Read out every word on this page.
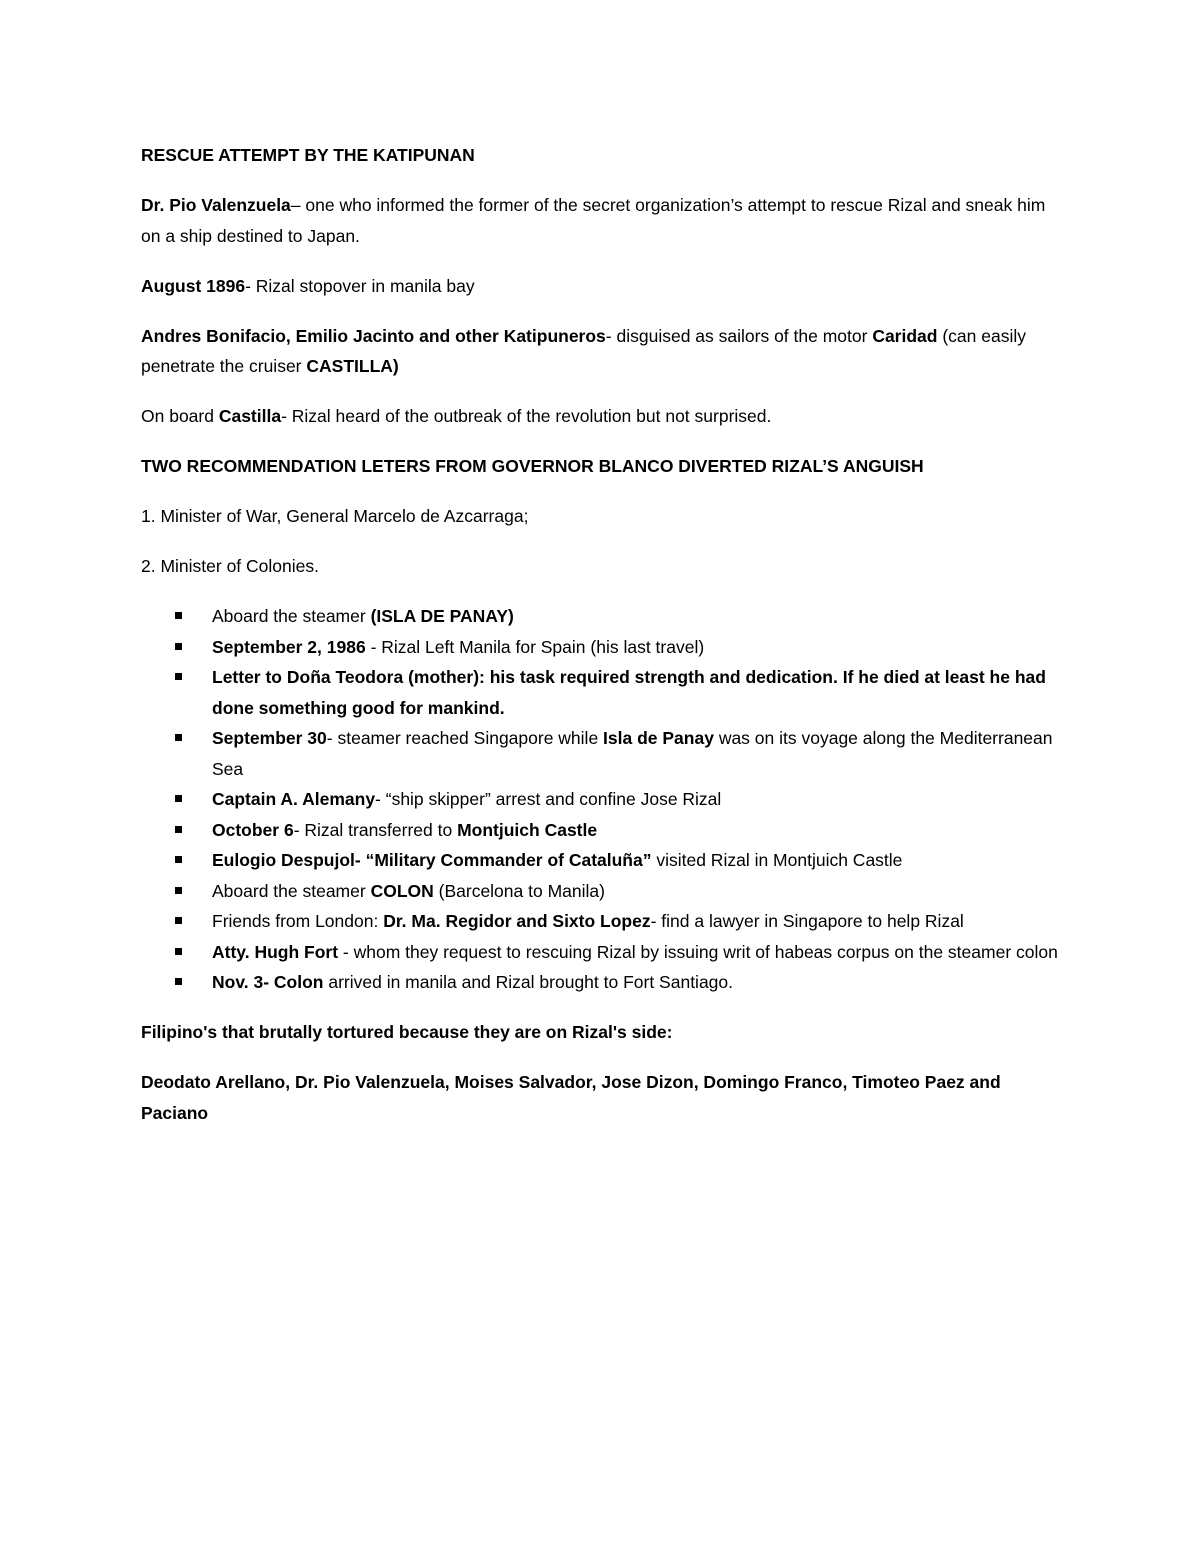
RESCUE ATTEMPT BY THE KATIPUNAN

Dr. Pio Valenzuela– one who informed the former of the secret organization’s attempt to rescue Rizal and sneak him on a ship destined to Japan.

August 1896- Rizal stopover in manila bay

Andres Bonifacio, Emilio Jacinto and other Katipuneros- disguised as sailors of the motor Caridad (can easily penetrate the cruiser CASTILLA)

On board Castilla- Rizal heard of the outbreak of the revolution but not surprised.

TWO RECOMMENDATION LETERS FROM GOVERNOR BLANCO DIVERTED RIZAL’S ANGUISH

1. Minister of War, General Marcelo de Azcarraga;

2. Minister of Colonies.

Aboard the steamer (ISLA DE PANAY)
September 2, 1986 - Rizal Left Manila for Spain (his last travel)
Letter to Doña Teodora (mother): his task required strength and dedication. If he died at least he had done something good for mankind.
September 30- steamer reached Singapore while Isla de Panay was on its voyage along the Mediterranean Sea
Captain A. Alemany- “ship skipper” arrest and confine Jose Rizal
October 6- Rizal transferred to Montjuich Castle
Eulogio Despujol- “Military Commander of Cataluña” visited Rizal in Montjuich Castle
Aboard the steamer COLON (Barcelona to Manila)
Friends from London: Dr. Ma. Regidor and Sixto Lopez- find a lawyer in Singapore to help Rizal
Atty. Hugh Fort - whom they request to rescuing Rizal by issuing writ of habeas corpus on the steamer colon
Nov. 3- Colon arrived in manila and Rizal brought to Fort Santiago.

Filipino's that brutally tortured because they are on Rizal's side:

Deodato Arellano, Dr. Pio Valenzuela, Moises Salvador, Jose Dizon, Domingo Franco, Timoteo Paez and Paciano
